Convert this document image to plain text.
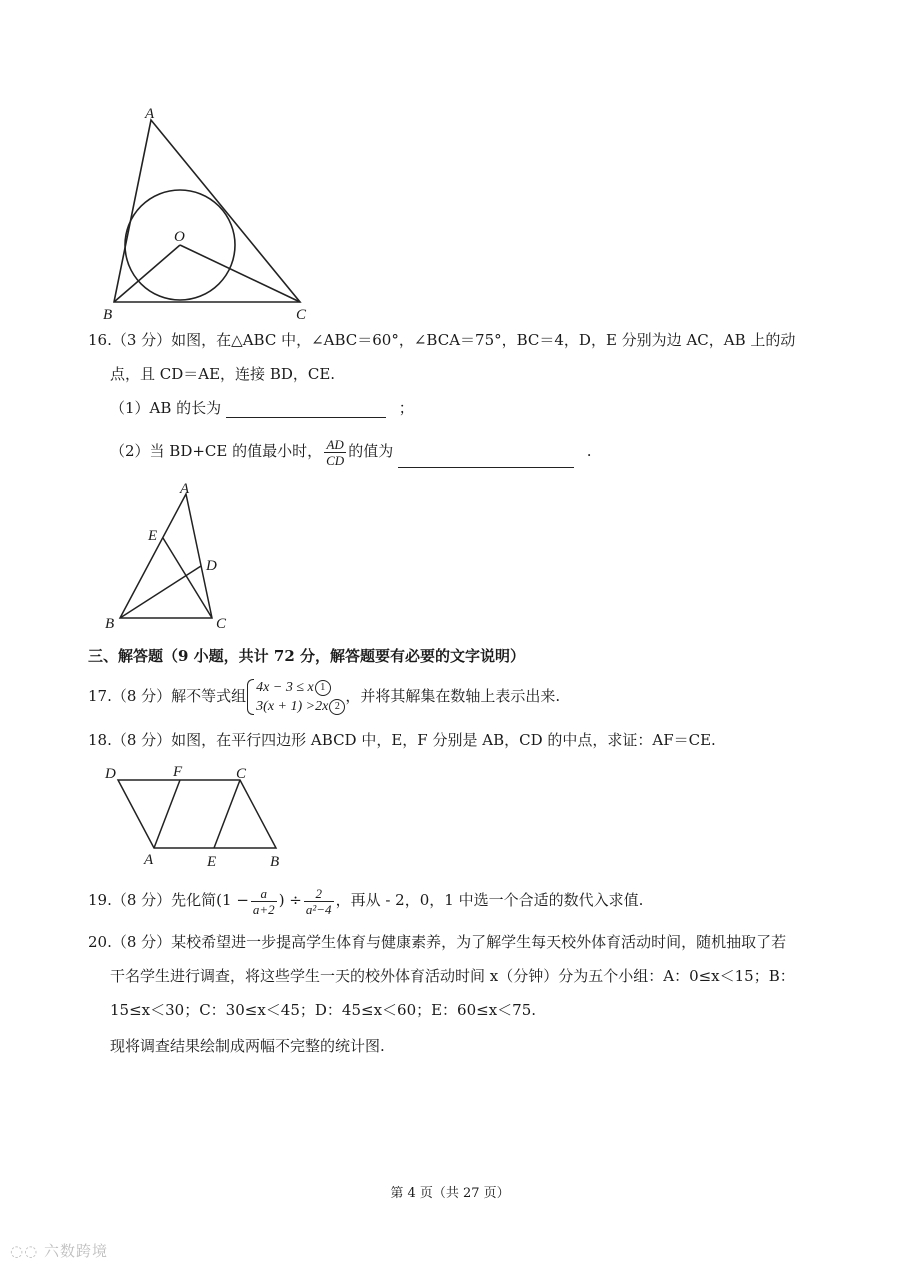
A
B	C
O
16.（3 分）如图，在△ABC 中，∠ABC＝60°，∠BCA＝75°，BC＝4，D，E 分别为边 AC，AB 上的动
点，且 CD＝AE，连接 BD，CE.
（1）AB 的长为	；
（2）当 BD+CE 的值最小时， $\frac{AD}{CD}$ 的值为	.
A
B	C
D
E
三、解答题（9 小题，共计 72 分，解答题要有必要的文字说明）
17.（8 分）解不等式组 4x − 3 ≤ x 1
3(x + 1) >2x 2
，并将其解集在数轴上表示出来.
18.（8 分）如图，在平行四边形 ABCD 中，E，F 分别是 AB，CD 的中点，求证：AF＝CE.
D	F	C
A	E	B
19.（8 分）先化简($1 - \frac{a}{a+2}$ ) ÷ $\frac{2}{\text{a²−4}}$ ，再从 - 2，0，1 中选一个合适的数代入求值.
20.（8 分）某校希望进一步提高学生体育与健康素养，为了解学生每天校外体育活动时间，随机抽取了若
干名学生进行调查，将这些学生一天的校外体育活动时间 x（分钟）分为五个小组：A：0≤x＜15；B：
15≤x＜30；C：30≤x＜45；D：45≤x＜60；E：60≤x＜75.
现将调查结果绘制成两幅不完整的统计图.
第 4 页（共 27 页）
◌◌ 六数跨境
